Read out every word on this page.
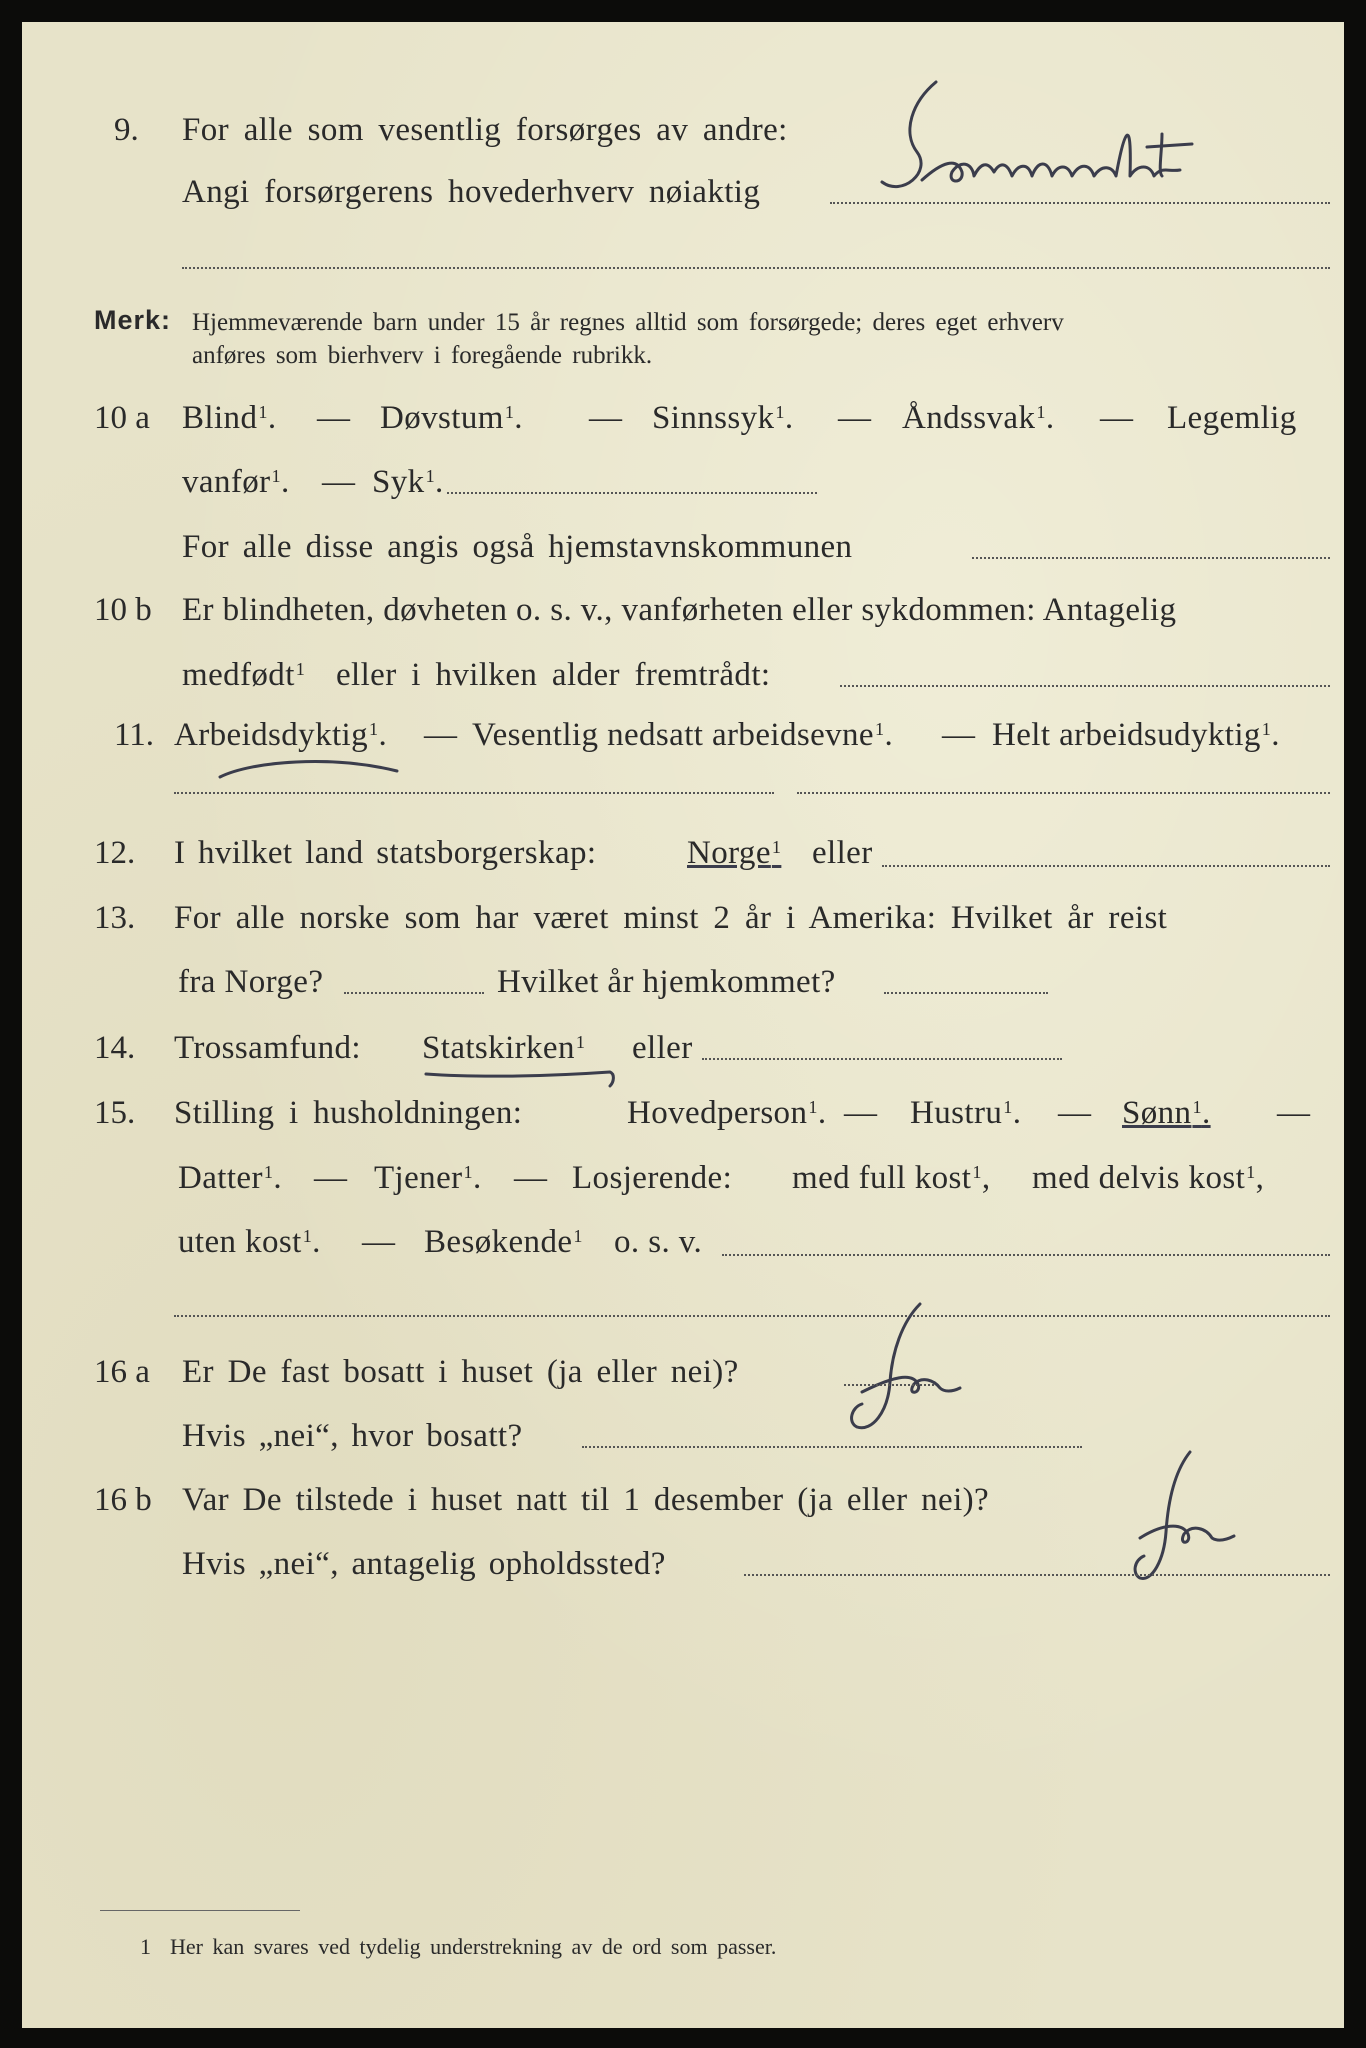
9. For alle som vesentlig forsørges av andre:
Angi forsørgerens hovederhverv nøiaktig
Merk: Hjemmeværende barn under 15 år regnes alltid som forsørgede; deres eget erhverv
anføres som bierhverv i foregående rubrikk.
10 a Blind$^1$. — Døvstum$^1$. — Sinnssyk$^1$. — Åndssvak$^1$. — Legemlig
vanfør$^1$. — Syk$^1$.
For alle disse angis også hjemstavnskommunen
10 b Er blindheten, døvheten o. s. v., vanførheten eller sykdommen: Antagelig
medfødt$^1$ eller i hvilken alder fremtrådt:
11. Arbeidsdyktig$^1$. — Vesentlig nedsatt arbeidsevne$^1$. — Helt arbeidsudyktig$^1$.
12. I hvilket land statsborgerskap:	Norge$^1$ eller
13. For alle norske som har været minst 2 år i Amerika: Hvilket år reist
fra Norge?	Hvilket år hjemkommet?
14. Trossamfund: Statskirken$^1$ eller
15. Stilling i husholdningen:	Hovedperson$^1$. — Hustru$^1$. — Sønn$^1$. —
Datter$^1$. — Tjener$^1$. — Losjerende: med full kost$^1$, med delvis kost$^1$,
uten kost$^1$. — Besøkende$^1$ o. s. v.
16 a Er De fast bosatt i huset (ja eller nei)?
Hvis „nei“, hvor bosatt?
16 b Var De tilstede i huset natt til 1 desember (ja eller nei)?
Hvis „nei“, antagelig opholdssted?
1 Her kan svares ved tydelig understrekning av de ord som passer.
